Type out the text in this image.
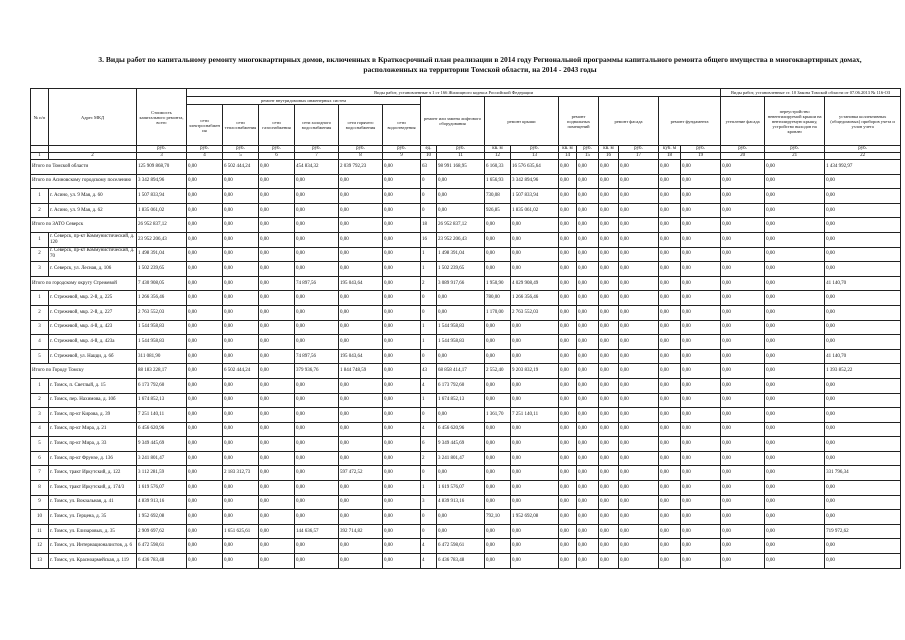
3. Виды работ по капитальному ремонту многоквартирных домов, включенных в Краткосрочный план реализации в 2014 году Региональной программы капитального ремонта общего имущества в многоквартирных домах, расположенных на территории Томской области, на 2014 - 2043 годы
№ п/п	Адрес МКД	Стоимость капитального ремонта, всего	Виды работ, установленные ч 1 ст 166 Жилищного кодекса Российской Федерации																Виды работ, установленные ст. 10 Закона Томской области от 07.06.2013 № 116-ОЗ		
			ремонт внутридомовых инженерных систем						ремонт или замена лифтового оборудования		ремонт крыши		ремонт подвальных помещений		ремонт фасада		ремонт фундамента		утепление фасада	переустройство невентилируемой крыши на вентилируемую крышу, устройство выходов на кровлю	установка коллективных (общедомовых) приборов учета и узлов учета
			сети электроснабжения	сети теплоснабжения	сети газоснабжения	сети холодного водоснабжения	сети горячего водоснабжения	сети водоотведения													
		руб.	руб.	руб.	руб.	руб.	руб.	руб.	ед.	руб.	кв. м	руб.	кв. м	руб.	кв. м	руб.	куб. м	руб.	руб.	руб.	руб.
1	2	3	4	5	6	7	8	9	10	11	12	13	14	15	16	17	18	19	20	21	22
Итого по Томской области		125 909 868,70	0,00	6 502 444,24	0,00	454 834,32	2 039 792,23	0,00	63	98 991 168,95	6 160,33	16 576 635,64	0,00	0,00	0,00	0,00	0,00	0,00	0,00	0,00	1 434 992,97
Итого по Асиновскому городскому поселению		3 342 894,96	0,00	0,00	0,00	0,00	0,00	0,00	0	0,00	1 656,93	3 342 894,96	0,00	0,00	0,00	0,00	0,00	0,00	0,00	0,00	0,00
1	г. Асино, ул. 9 Мая, д. 60	1 507 833,94	0,00	0,00	0,00	0,00	0,00	0,00	0	0,00	730,08	1 507 833,94	0,00	0,00	0,00	0,00	0,00	0,00	0,00	0,00	0,00
2	г. Асино, ул. 9 Мая, д. 62	1 835 061,02	0,00	0,00	0,00	0,00	0,00	0,00	0	0,00	926,85	1 835 061,02	0,00	0,00	0,00	0,00	0,00	0,00	0,00	0,00	0,00
Итого по ЗАТО Северск		26 952 837,12	0,00	0,00	0,00	0,00	0,00	0,00	18	26 952 837,12	0,00	0,00	0,00	0,00	0,00	0,00	0,00	0,00	0,00	0,00	0,00
1	г. Северск, пр-кт Коммунистический, д. 120	23 952 206,43	0,00	0,00	0,00	0,00	0,00	0,00	16	23 952 206,43	0,00	0,00	0,00	0,00	0,00	0,00	0,00	0,00	0,00	0,00	0,00
2	г. Северск, пр-кт Коммунистический, д. 70	1 498 391,04	0,00	0,00	0,00	0,00	0,00	0,00	1	1 498 391,04	0,00	0,00	0,00	0,00	0,00	0,00	0,00	0,00	0,00	0,00	0,00
3	г. Северск, ул. Лесная, д. 106	1 502 239,65	0,00	0,00	0,00	0,00	0,00	0,00	1	1 502 239,65	0,00	0,00	0,00	0,00	0,00	0,00	0,00	0,00	0,00	0,00	0,00
Итого по городскому округу Стрежевой		7 430 908,05	0,00	0,00	0,00	74 897,56	195 043,64	0,00	2	3 089 917,66	1 950,90	4 029 908,49	0,00	0,00	0,00	0,00	0,00	0,00	0,00	0,00	41 140,70
1	г. Стрежевой, мкр. 2-й, д. 225	1 266 356,46	0,00	0,00	0,00	0,00	0,00	0,00	0	0,00	780,00	1 266 356,46	0,00	0,00	0,00	0,00	0,00	0,00	0,00	0,00	0,00
2	г. Стрежевой, мкр. 2-й, д. 227	2 763 552,03	0,00	0,00	0,00	0,00	0,00	0,00	0	0,00	1 170,00	2 763 552,03	0,00	0,00	0,00	0,00	0,00	0,00	0,00	0,00	0,00
3	г. Стрежевой, мкр. 4-й, д. 423	1 544 958,83	0,00	0,00	0,00	0,00	0,00	0,00	1	1 544 958,83	0,00	0,00	0,00	0,00	0,00	0,00	0,00	0,00	0,00	0,00	0,00
4	г. Стрежевой, мкр. 4-й, д. 423а	1 544 958,83	0,00	0,00	0,00	0,00	0,00	0,00	1	1 544 958,83	0,00	0,00	0,00	0,00	0,00	0,00	0,00	0,00	0,00	0,00	0,00
5	г. Стрежевой, ул. Нацци, д. 6б	311 081,90	0,00	0,00	0,00	74 897,56	195 043,64	0,00	0	0,00	0,00	0,00	0,00	0,00	0,00	0,00	0,00	0,00	0,00	0,00	41 140,70
Итого по Городу Томску		88 183 228,17	0,00	6 502 444,24	0,00	379 936,76	1 844 748,59	0,00	43	68 858 414,17	2 552,40	9 203 832,19	0,00	0,00	0,00	0,00	0,00	0,00	0,00	0,00	1 393 852,22
1	г. Томск, п. Светлый, д. 15	6 173 792,60	0,00	0,00	0,00	0,00	0,00	0,00	4	6 173 792,60	0,00	0,00	0,00	0,00	0,00	0,00	0,00	0,00	0,00	0,00	0,00
2	г. Томск, пер. Нахимова, д. 10б	1 674 852,13	0,00	0,00	0,00	0,00	0,00	0,00	1	1 674 852,13	0,00	0,00	0,00	0,00	0,00	0,00	0,00	0,00	0,00	0,00	0,00
3	г. Томск, пр-кт Кирова, д. 39	7 251 140,11	0,00	0,00	0,00	0,00	0,00	0,00	0	0,00	1 361,70	7 251 140,11	0,00	0,00	0,00	0,00	0,00	0,00	0,00	0,00	0,00
4	г. Томск, пр-кт Мира, д. 21	6 456 620,96	0,00	0,00	0,00	0,00	0,00	0,00	4	6 456 620,96	0,00	0,00	0,00	0,00	0,00	0,00	0,00	0,00	0,00	0,00	0,00
5	г. Томск, пр-кт Мира, д. 33	9 349 445,69	0,00	0,00	0,00	0,00	0,00	0,00	6	9 349 445,69	0,00	0,00	0,00	0,00	0,00	0,00	0,00	0,00	0,00	0,00	0,00
6	г. Томск, пр-кт Фрунзе, д. 136	3 241 801,47	0,00	0,00	0,00	0,00	0,00	0,00	2	3 241 801,47	0,00	0,00	0,00	0,00	0,00	0,00	0,00	0,00	0,00	0,00	0,00
7	г. Томск, тракт Иркутский, д. 122	3 112 281,59	0,00	2 183 312,73	0,00	0,00	597 472,52	0,00	0	0,00	0,00	0,00	0,00	0,00	0,00	0,00	0,00	0,00	0,00	0,00	331 796,34
8	г. Томск, тракт Иркутский, д. 174/3	1 619 576,07	0,00	0,00	0,00	0,00	0,00	0,00	1	1 619 576,07	0,00	0,00	0,00	0,00	0,00	0,00	0,00	0,00	0,00	0,00	0,00
9	г. Томск, ул. Вокзальная, д. 41	4 839 913,16	0,00	0,00	0,00	0,00	0,00	0,00	3	4 839 913,16	0,00	0,00	0,00	0,00	0,00	0,00	0,00	0,00	0,00	0,00	0,00
10	г. Томск, ул. Герцена, д. 35	1 952 692,08	0,00	0,00	0,00	0,00	0,00	0,00	0	0,00	792,10	1 952 692,08	0,00	0,00	0,00	0,00	0,00	0,00	0,00	0,00	0,00
11	г. Томск, ул. Елизаровых, д. 35	2 909 697,62	0,00	1 651 625,61	0,00	144 636,57	392 714,82	0,00	0	0,00	0,00	0,00	0,00	0,00	0,00	0,00	0,00	0,00	0,00	0,00	719 972,62
12	г. Томск, ул. Интернационалистов, д. 6	6 472 598,61	0,00	0,00	0,00	0,00	0,00	0,00	4	6 472 598,61	0,00	0,00	0,00	0,00	0,00	0,00	0,00	0,00	0,00	0,00	0,00
13	г. Томск, ул. Красноармейская, д. 119	6 436 783,48	0,00	0,00	0,00	0,00	0,00	0,00	4	6 436 783,48	0,00	0,00	0,00	0,00	0,00	0,00	0,00	0,00	0,00	0,00	0,00
